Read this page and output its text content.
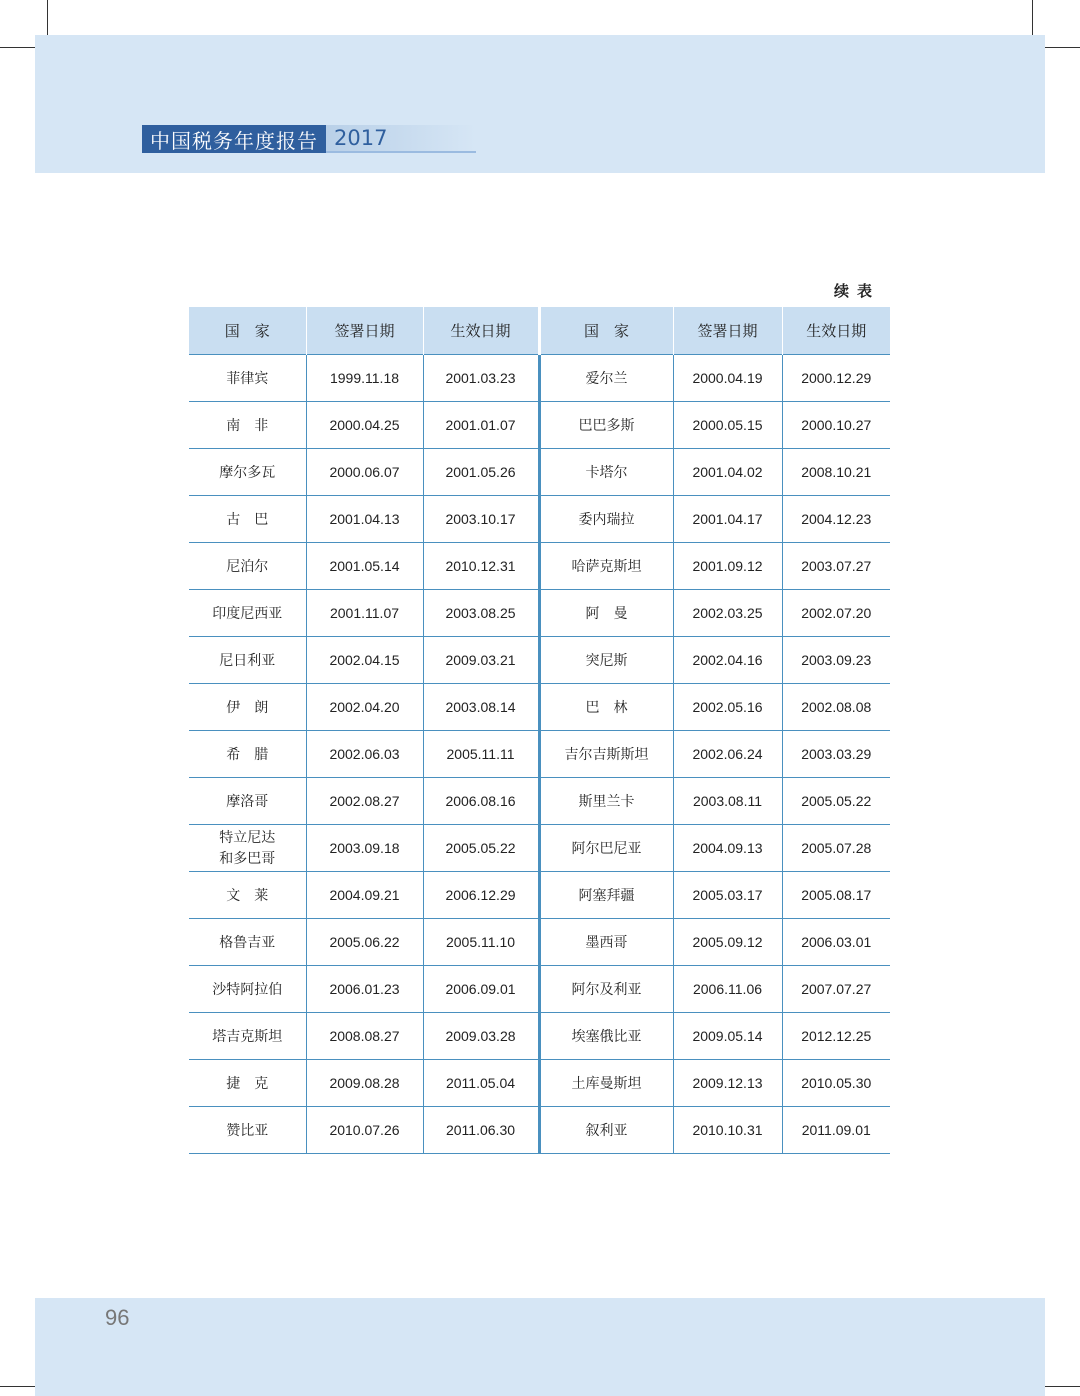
中国税务年度报告 2017
续表
国　家	签署日期	生效日期	国　家	签署日期	生效日期
菲律宾	1999.11.18	2001.03.23	爱尔兰	2000.04.19	2000.12.29
南　非	2000.04.25	2001.01.07	巴巴多斯	2000.05.15	2000.10.27
摩尔多瓦	2000.06.07	2001.05.26	卡塔尔	2001.04.02	2008.10.21
古　巴	2001.04.13	2003.10.17	委内瑞拉	2001.04.17	2004.12.23
尼泊尔	2001.05.14	2010.12.31	哈萨克斯坦	2001.09.12	2003.07.27
印度尼西亚	2001.11.07	2003.08.25	阿　曼	2002.03.25	2002.07.20
尼日利亚	2002.04.15	2009.03.21	突尼斯	2002.04.16	2003.09.23
伊　朗	2002.04.20	2003.08.14	巴　林	2002.05.16	2002.08.08
希　腊	2002.06.03	2005.11.11	吉尔吉斯斯坦	2002.06.24	2003.03.29
摩洛哥	2002.08.27	2006.08.16	斯里兰卡	2003.08.11	2005.05.22
特立尼达
和多巴哥	2003.09.18	2005.05.22	阿尔巴尼亚	2004.09.13	2005.07.28
文　莱	2004.09.21	2006.12.29	阿塞拜疆	2005.03.17	2005.08.17
格鲁吉亚	2005.06.22	2005.11.10	墨西哥	2005.09.12	2006.03.01
沙特阿拉伯	2006.01.23	2006.09.01	阿尔及利亚	2006.11.06	2007.07.27
塔吉克斯坦	2008.08.27	2009.03.28	埃塞俄比亚	2009.05.14	2012.12.25
捷　克	2009.08.28	2011.05.04	土库曼斯坦	2009.12.13	2010.05.30
赞比亚	2010.07.26	2011.06.30	叙利亚	2010.10.31	2011.09.01
96
